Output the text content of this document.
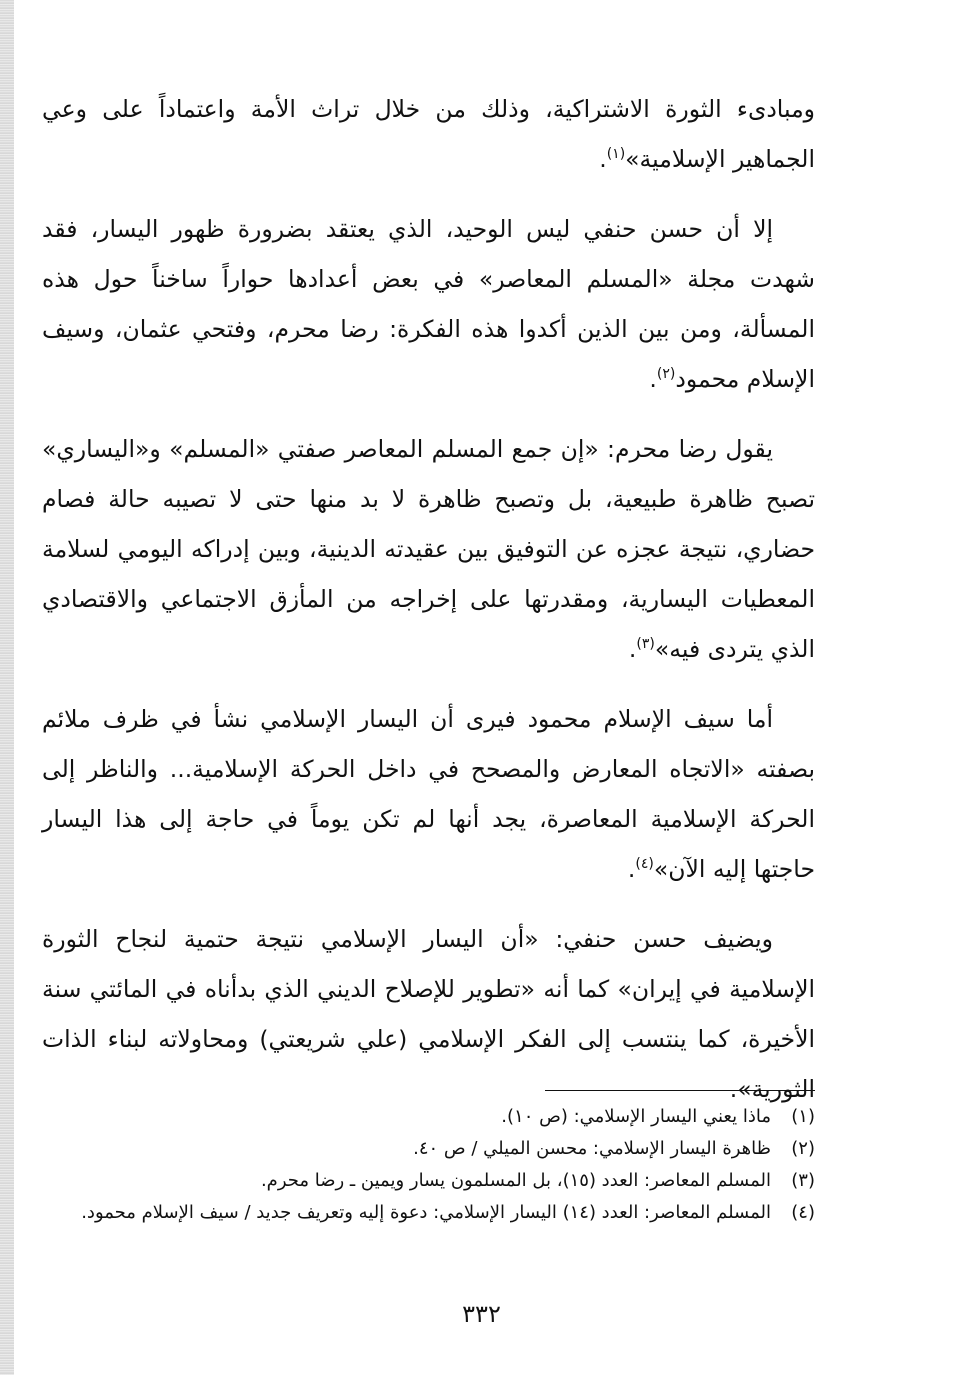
ومبادىء الثورة الاشتراكية، وذلك من خلال تراث الأمة واعتماداً على وعي الجماهير الإسلامية»$^{(١)}$.

إلا أن حسن حنفي ليس الوحيد، الذي يعتقد بضرورة ظهور اليسار، فقد شهدت مجلة «المسلم المعاصر» في بعض أعدادها حواراً ساخناً حول هذه المسألة، ومن بين الذين أكدوا هذه الفكرة: رضا محرم، وفتحي عثمان، وسيف الإسلام محمود$^{(٢)}$.

يقول رضا محرم: «إن جمع المسلم المعاصر صفتي «المسلم» و«اليساري» تصبح ظاهرة طبيعية، بل وتصبح ظاهرة لا بد منها حتى لا تصيبه حالة فصام حضاري، نتيجة عجزه عن التوفيق بين عقيدته الدينية، وبين إدراكه اليومي لسلامة المعطيات اليسارية، ومقدرتها على إخراجه من المأزق الاجتماعي والاقتصادي الذي يتردى فيه»$^{(٣)}$.

أما سيف الإسلام محمود فيرى أن اليسار الإسلامي نشأ في ظرف ملائم بصفته «الاتجاه المعارض والمصحح في داخل الحركة الإسلامية... والناظر إلى الحركة الإسلامية المعاصرة، يجد أنها لم تكن يوماً في حاجة إلى هذا اليسار حاجتها إليه الآن»$^{(٤)}$.

ويضيف حسن حنفي: «أن اليسار الإسلامي نتيجة حتمية لنجاح الثورة الإسلامية في إيران» كما أنه «تطوير للإصلاح الديني الذي بدأناه في المائتي سنة الأخيرة، كما ينتسب إلى الفكر الإسلامي (علي شريعتي) ومحاولاته لبناء الذات الثورية».

(١)
ماذا يعني اليسار الإسلامي: (ص ١٠).
(٢)
ظاهرة اليسار الإسلامي: محسن الميلي / ص ٤٠.
(٣)
المسلم المعاصر: العدد (١٥)، بل المسلمون يسار ويمين ـ رضا محرم.
(٤)
المسلم المعاصر: العدد (١٤) اليسار الإسلامي: دعوة إليه وتعريف جديد / سيف الإسلام محمود.
٣٣٢
